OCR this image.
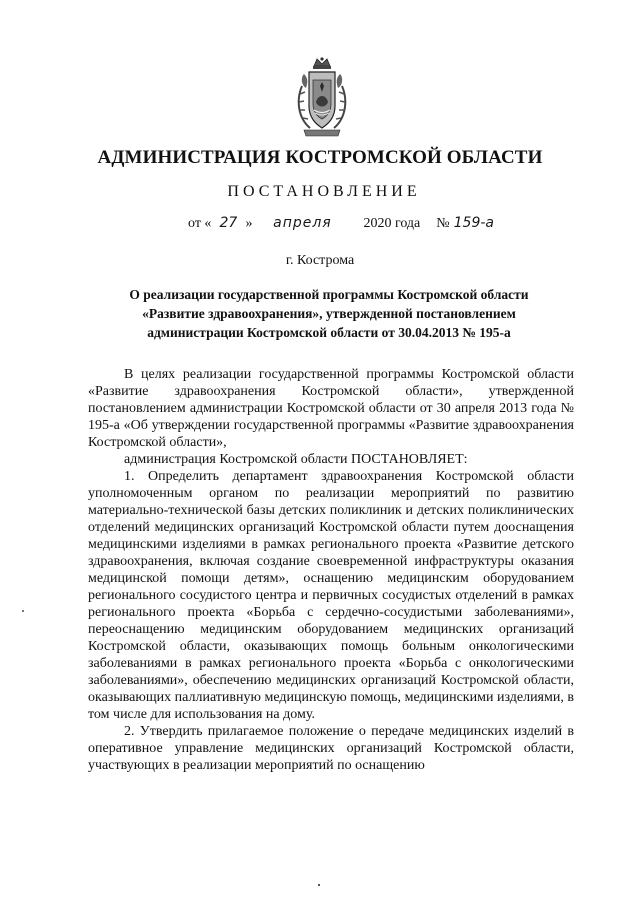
АДМИНИСТРАЦИЯ КОСТРОМСКОЙ ОБЛАСТИ
ПОСТАНОВЛЕНИЕ
от « 27 » апреля 2020 года № 159-а
г. Кострома
О реализации государственной программы Костромской области
«Развитие здравоохранения», утвержденной постановлением
администрации Костромской области от 30.04.2013 № 195-а

В целях реализации государственной программы Костромской области «Развитие здравоохранения Костромской области», утвержденной постановлением администрации Костромской области от 30 апреля 2013 года № 195-а «Об утверждении государственной программы «Развитие здравоохранения Костромской области»,

администрация Костромской области ПОСТАНОВЛЯЕТ:

1. Определить департамент здравоохранения Костромской области уполномоченным органом по реализации мероприятий по развитию материально-технической базы детских поликлиник и детских поликлинических отделений медицинских организаций Костромской области путем дооснащения медицинскими изделиями в рамках регионального проекта «Развитие детского здравоохранения, включая создание своевременной инфраструктуры оказания медицинской помощи детям», оснащению медицинским оборудованием регионального сосудистого центра и первичных сосудистых отделений в рамках регионального проекта «Борьба с сердечно-сосудистыми заболеваниями», переоснащению медицинским оборудованием медицинских организаций Костромской области, оказывающих помощь больным онкологическими заболеваниями в рамках регионального проекта «Борьба с онкологическими заболеваниями», обеспечению медицинских организаций Костромской области, оказывающих паллиативную медицинскую помощь, медицинскими изделиями, в том числе для использования на дому.

2. Утвердить прилагаемое положение о передаче медицинских изделий в оперативное управление медицинских организаций Костромской области, участвующих в реализации мероприятий по оснащению
